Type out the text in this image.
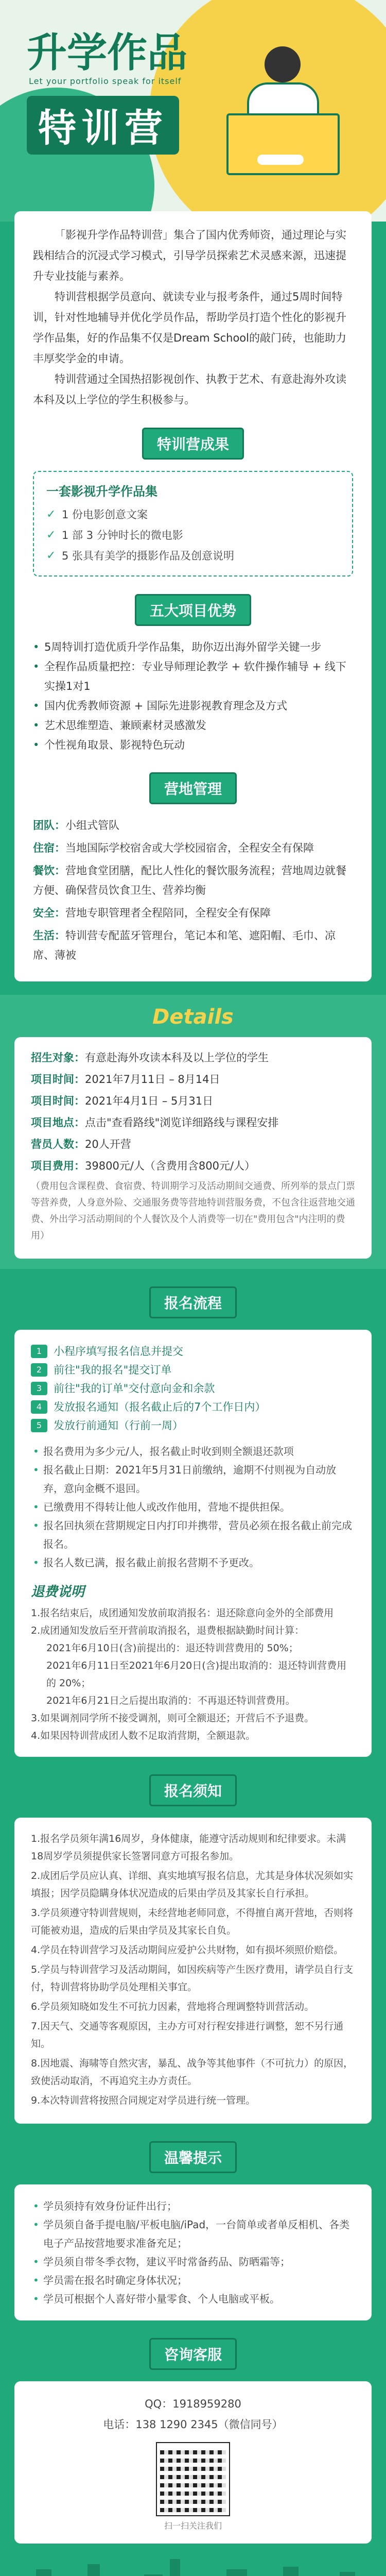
升学作品
Let your portfolio speak for itself
特训营

「影视升学作品特训营」集合了国内优秀师资，通过理论与实践相结合的沉浸式学习模式，引导学员探索艺术灵感来源，迅速提升专业技能与素养。

特训营根据学员意向、就读专业与报考条件，通过5周时间特训，针对性地辅导并优化学员作品，帮助学员打造个性化的影视升学作品集，好的作品集不仅是Dream School的敲门砖，也能助力丰厚奖学金的申请。

特训营通过全国热招影视创作、执教于艺术、有意赴海外攻读本科及以上学位的学生积极参与。

特训营成果
一套影视升学作品集
✓ 1 份电影创意文案
✓ 1 部 3 分钟时长的微电影
✓ 5 张具有美学的摄影作品及创意说明
五大项目优势
• 5周特训打造优质升学作品集，助你迈出海外留学关键一步
• 全程作品质量把控：专业导师理论教学 + 软件操作辅导 + 线下实操1对1
• 国内优秀教师资源 + 国际先进影视教育理念及方式
• 艺术思维塑造、兼顾素材灵感激发
• 个性视角取景、影视特色玩动
营地管理
团队：小组式管队
住宿：当地国际学校宿舍或大学校园宿舍，全程安全有保障
餐饮：营地食堂团膳，配比人性化的餐饮服务流程；营地周边就餐方便、确保营员饮食卫生、营养均衡
安全：营地专职管理者全程陪同，全程安全有保障
生活：特训营专配蓝牙管理台，笔记本和笔、遮阳帽、毛巾、凉席、薄被
Details
招生对象：有意赴海外攻读本科及以上学位的学生
项目时间：2021年7月11日 – 8月14日
项目时间：2021年4月1日 – 5月31日
项目地点：点击"查看路线"浏览详细路线与课程安排
营员人数：20人开营
项目费用：39800元/人（含费用含800元/人）
（费用包含课程费、食宿费、特训期学习及活动期间交通费、所列举的景点门票等营养费，人身意外险、交通服务费等营地特训营服务费，不包含往返营地交通费、外出学习活动期间的个人餐饮及个人消费等一切在"费用包含"内注明的费用）
报名流程
1	小程序填写报名信息并提交
2	前往"我的报名"提交订单
3	前往"我的订单"交付意向金和余款
4	发放报名通知（报名截止后的7个工作日内）
5	发放行前通知（行前一周）
• 报名费用为多少元/人，报名截止时收到则全额退还款项
• 报名截止日期：2021年5月31日前缴纳，逾期不付则视为自动放弃，意向金概不退回。
• 已缴费用不得转让他人或改作他用，营地不提供担保。
• 报名回执须在营期规定日内打印并携带，营员必须在报名截止前完成报名。
• 报名人数已满，报名截止前报名营期不予更改。
退费说明
1.报名结束后，成团通知发放前取消报名：退还除意向金外的全部费用
2.成团通知发放后至开营前取消报名，退费根据缺勤时间计算：
2021年6月10日(含)前提出的：退还特训营费用的 50%；
2021年6月11日至2021年6月20日(含)提出取消的：退还特训营费用的 20%；
2021年6月21日之后提出取消的：不再退还特训营费用。
3.如果调剂同学所不接受调剂，则可全额退还；开营后不予退费。
4.如果因特训营成团人数不足取消营期，全额退款。
报名须知
1.报名学员须年满16周岁，身体健康，能遵守活动规则和纪律要求。未满18周岁学员须提供家长签署同意方可报名参加。
2.成团后学员应认真、详细、真实地填写报名信息，尤其是身体状况须如实填报；因学员隐瞒身体状况造成的后果由学员及其家长自行承担。
3.学员须遵守特训营规则，未经营地老师同意，不得擅自离开营地，否则将可能被劝退，造成的后果由学员及其家长自负。
4.学员在特训营学习及活动期间应爱护公共财物，如有损坏须照价赔偿。
5.学员与特训营学习及活动期间，如因疾病等产生医疗费用，请学员自行支付，特训营将协助学员处理相关事宜。
6.学员须知晓如发生不可抗力因素，营地将合理调整特训营活动。
7.因天气、交通等客观原因，主办方可对行程安排进行调整，恕不另行通知。
8.因地震、海啸等自然灾害，暴乱、战争等其他事件（不可抗力）的原因，致使活动取消，不再追究主办方责任。
9.本次特训营将按照合同规定对学员进行统一管理。
温馨提示
• 学员须持有效身份证件出行；
• 学员须自备手提电脑/平板电脑/iPad，一台简单或者单反相机、各类电子产品按营地要求准备充足；
• 学员须自带冬季衣物，建议平时常备药品、防晒霜等；
• 学员需在报名时确定身体状况；
• 学员可根据个人喜好带小量零食、个人电脑或平板。
咨询客服
QQ：1918959280
电话：138 1290 2345（微信同号）
扫一扫关注我们
